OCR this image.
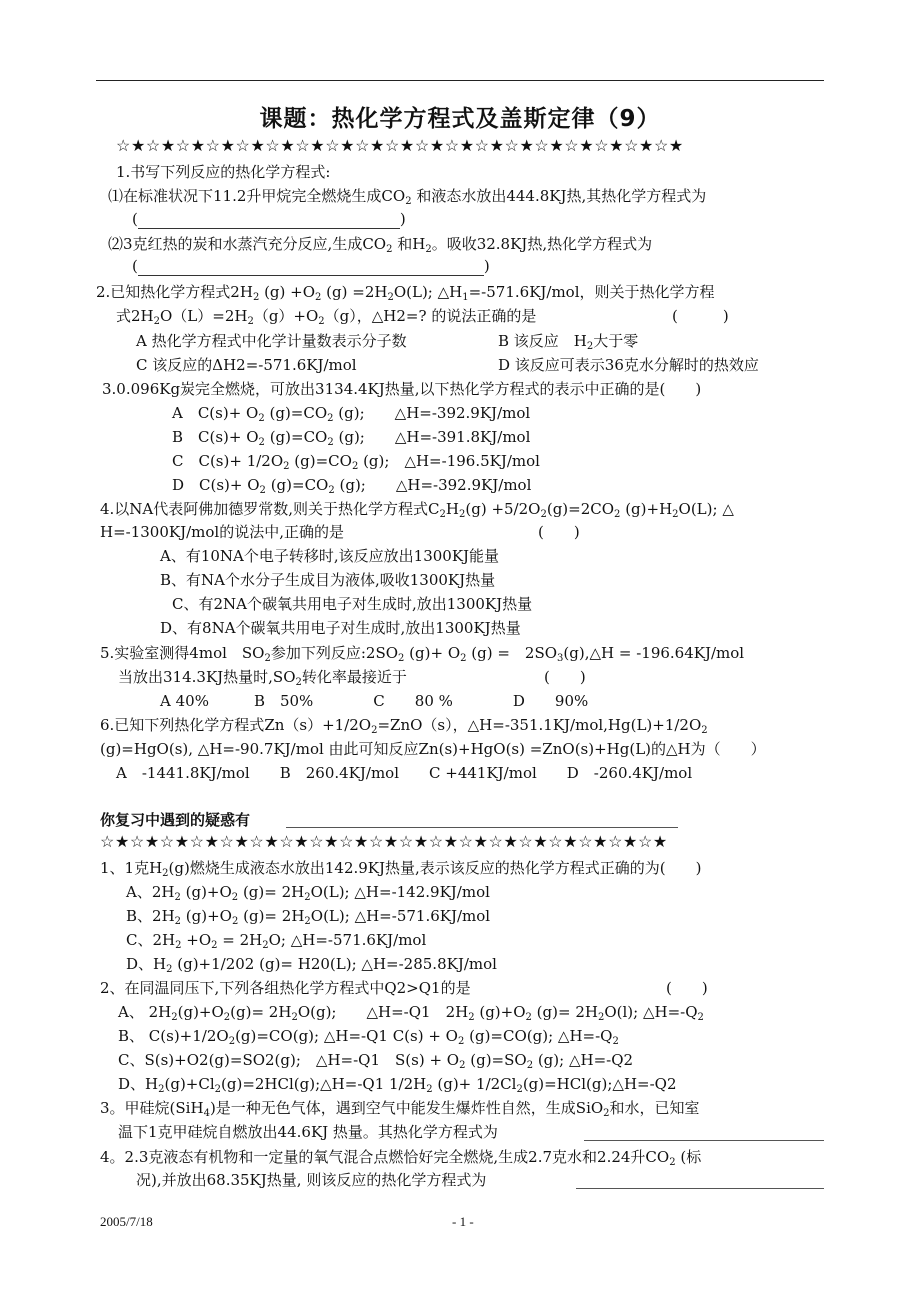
课题：热化学方程式及盖斯定律（9）
☆★☆★☆★☆★☆★☆★☆★☆★☆★☆★☆★☆★☆★☆★☆★☆★☆★☆★☆★
1.书写下列反应的热化学方程式:
⑴在标准状况下11.2升甲烷完全燃烧生成$CO_2$ 和液态水放出444.8KJ热,其热化学方程式为
(	)
⑵3克红热的炭和水蒸汽充分反应,生成$CO_2$ 和$H_2$。吸收32.8KJ热,热化学方程式为
(	)
2.已知热化学方程式$2H_2$ $(g) +O_2$ $(g) =2H_2O(L)$; $\triangle H_1=-571.6KJ$/mol，则关于热化学方程
式$2H_2O(L)=2H_2(g)+O_2(g)$，△H2=? 的说法正确的是	(　　　)
A 热化学方程式中化学计量数表示分子数	B 该反应　$H_2$大于零
C 该反应的ΔH2=-571.6KJ/mol	D 该反应可表示36克水分解时的热效应
3.0.096Kg炭完全燃烧，可放出3134.4KJ热量,以下热化学方程式的表示中正确的是(　　)
A　$C(s)+ O_2$ $(g)=CO_2$ (g);　　△H=-392.9KJ/mol
B　$C(s)+ O_2$ $(g)=CO_2$ (g);　　△H=-391.8KJ/mol
C　$C(s)+ 1/2O_2$ $(g)=CO_2$ (g);　△H=-196.5KJ/mol
D　$C(s)+ O_2$ $(g)=CO_2$ (g);　　△H=-392.9KJ/mol
4.以NA代表阿佛加德罗常数,则关于热化学方程式$C_2H_2(g) +5/2O_2(g)=2CO_2$ $(g)+H_2O(L)$; △
H=-1300KJ/mol的说法中,正确的是	(　　)
A、有10NA个电子转移时,该反应放出1300KJ能量
B、有NA个水分子生成目为液体,吸收1300KJ热量
C、有2NA个碳氧共用电子对生成时,放出1300KJ热量
D、有8NA个碳氧共用电子对生成时,放出1300KJ热量
5.实验室测得4mol　$SO_2$参加下列反应$:2SO_2$ $(g)+ O_2$ (g) =　$2SO_3(g),\triangle H = -196.64KJ/mol$
当放出314.3KJ热量时$,SO_2$转化率最接近于	(　　)
A 40%　　　B　50%　　　　C　　80 %　　　　D　　90%
6.已知下列热化学方程式$Zn(s)+1/2O_2=ZnO(s)$，$\triangle H=-351.1KJ/mol,Hg(L)+1/2O_2$
(g)=HgO(s), △H=-90.7KJ/mol 由此可知反应Zn(s)+HgO(s) =ZnO(s)+Hg(L)的△H为（　　）
A　-1441.8KJ/mol　　B　260.4KJ/mol　　C +441KJ/mol　　D　-260.4KJ/mol
你复习中遇到的疑惑有
☆★☆★☆★☆★☆★☆★☆★☆★☆★☆★☆★☆★☆★☆★☆★☆★☆★☆★☆★
1、1克$H_2(g)$燃烧生成液态水放出142.9KJ热量,表示该反应的热化学方程式正确的为(　　)
A、$2H_2$ $(g)+O_2$ $(g)= 2H_2O(L)$; △H=-142.9KJ/mol
B、$2H_2$ $(g)+O_2$ $(g)= 2H_2O(L)$; △H=-571.6KJ/mol
C、$2H_2 +O_2 = 2H_2O$; △H=-571.6KJ/mol
D、$H_2$ (g)+1/202 (g)= H20(L); △H=-285.8KJ/mol
2、在同温同压下,下列各组热化学方程式中Q2>Q1的是	(　　)
A、 $2H_2(g)+O_2(g)= 2H_2O(g)$;　　△H=-Q1　$2H_2$ $(g)+O_2$ $(g)= 2H_2O(l)$; $\triangle H=-Q_2$
B、 $C(s)+1/2O_2(g)=CO(g)$; △H=-Q1 $C(s) + O_2$ (g)=CO(g); $\triangle H=-Q_2$
C、S(s)+O2(g)=SO2(g);　△H=-Q1　$S(s) + O_2$ $(g)=SO_2$ (g); △H=-Q2
D、$H_2(g)+Cl_2(g)=2HCl(g);\triangle H=-Q1$ $1/2H_2$ $(g)+ 1/2Cl_2(g)=HCl(g);\triangle H=-Q2$
3。甲硅烷(SiH$_4$)是一种无色气体，遇到空气中能发生爆炸性自然，生成SiO$_2$和水，已知室
温下1克甲硅烷自燃放出44.6KJ 热量。其热化学方程式为
4。2.3克液态有机物和一定量的氧气混合点燃恰好完全燃烧,生成2.7克水和2.24升$CO_2$ (标
况),并放出68.35KJ热量, 则该反应的热化学方程式为
2005/7/18	- 1 -
